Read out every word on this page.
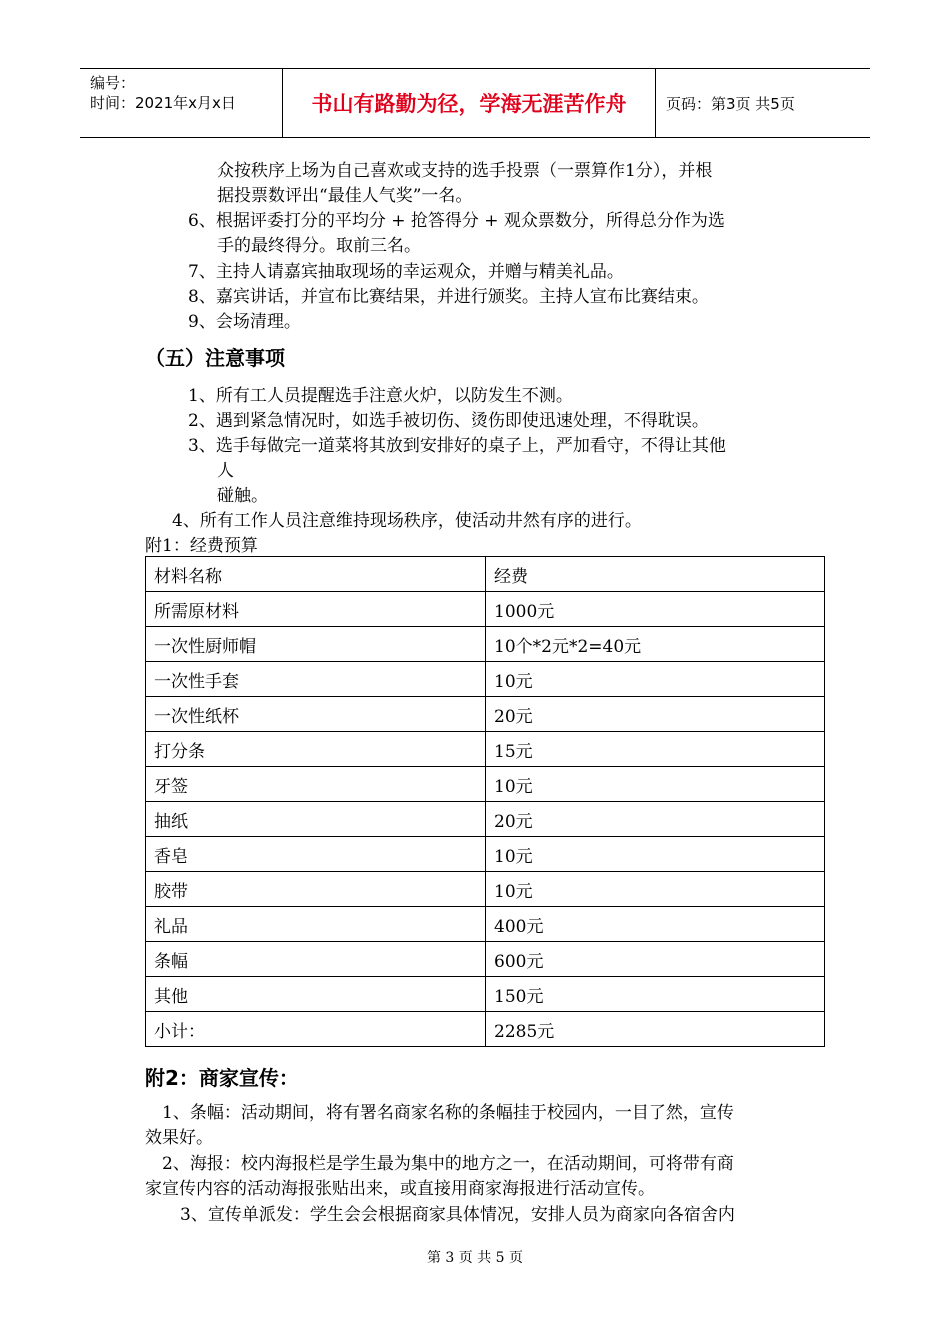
编号：
时间：2021年x月x日	书山有路勤为径，学海无涯苦作舟	页码：第3页 共5页
众按秩序上场为自己喜欢或支持的选手投票（一票算作1分），并根
据投票数评出“最佳人气奖”一名。
6、根据评委打分的平均分 + 抢答得分 + 观众票数分，所得总分作为选
手的最终得分。取前三名。
7、主持人请嘉宾抽取现场的幸运观众，并赠与精美礼品。
8、嘉宾讲话，并宣布比赛结果，并进行颁奖。主持人宣布比赛结束。
9、会场清理。
（五）注意事项
1、所有工人员提醒选手注意火炉，以防发生不测。
2、遇到紧急情况时，如选手被切伤、烫伤即使迅速处理，不得耽误。
3、选手每做完一道菜将其放到安排好的桌子上，严加看守，不得让其他
人
碰触。
4、所有工作人员注意维持现场秩序，使活动井然有序的进行。
附1：经费预算
材料名称	经费
所需原材料	1000元
一次性厨师帽	10个*2元*2=40元
一次性手套	10元
一次性纸杯	20元
打分条	15元
牙签	10元
抽纸	20元
香皂	10元
胶带	10元
礼品	400元
条幅	600元
其他	150元
小计：	2285元
附2：商家宣传：
1、条幅：活动期间，将有署名商家名称的条幅挂于校园内，一目了然，宣传
效果好。
2、海报：校内海报栏是学生最为集中的地方之一，在活动期间，可将带有商
家宣传内容的活动海报张贴出来，或直接用商家海报进行活动宣传。
3、宣传单派发：学生会会根据商家具体情况，安排人员为商家向各宿舍内
第 3 页 共 5 页
